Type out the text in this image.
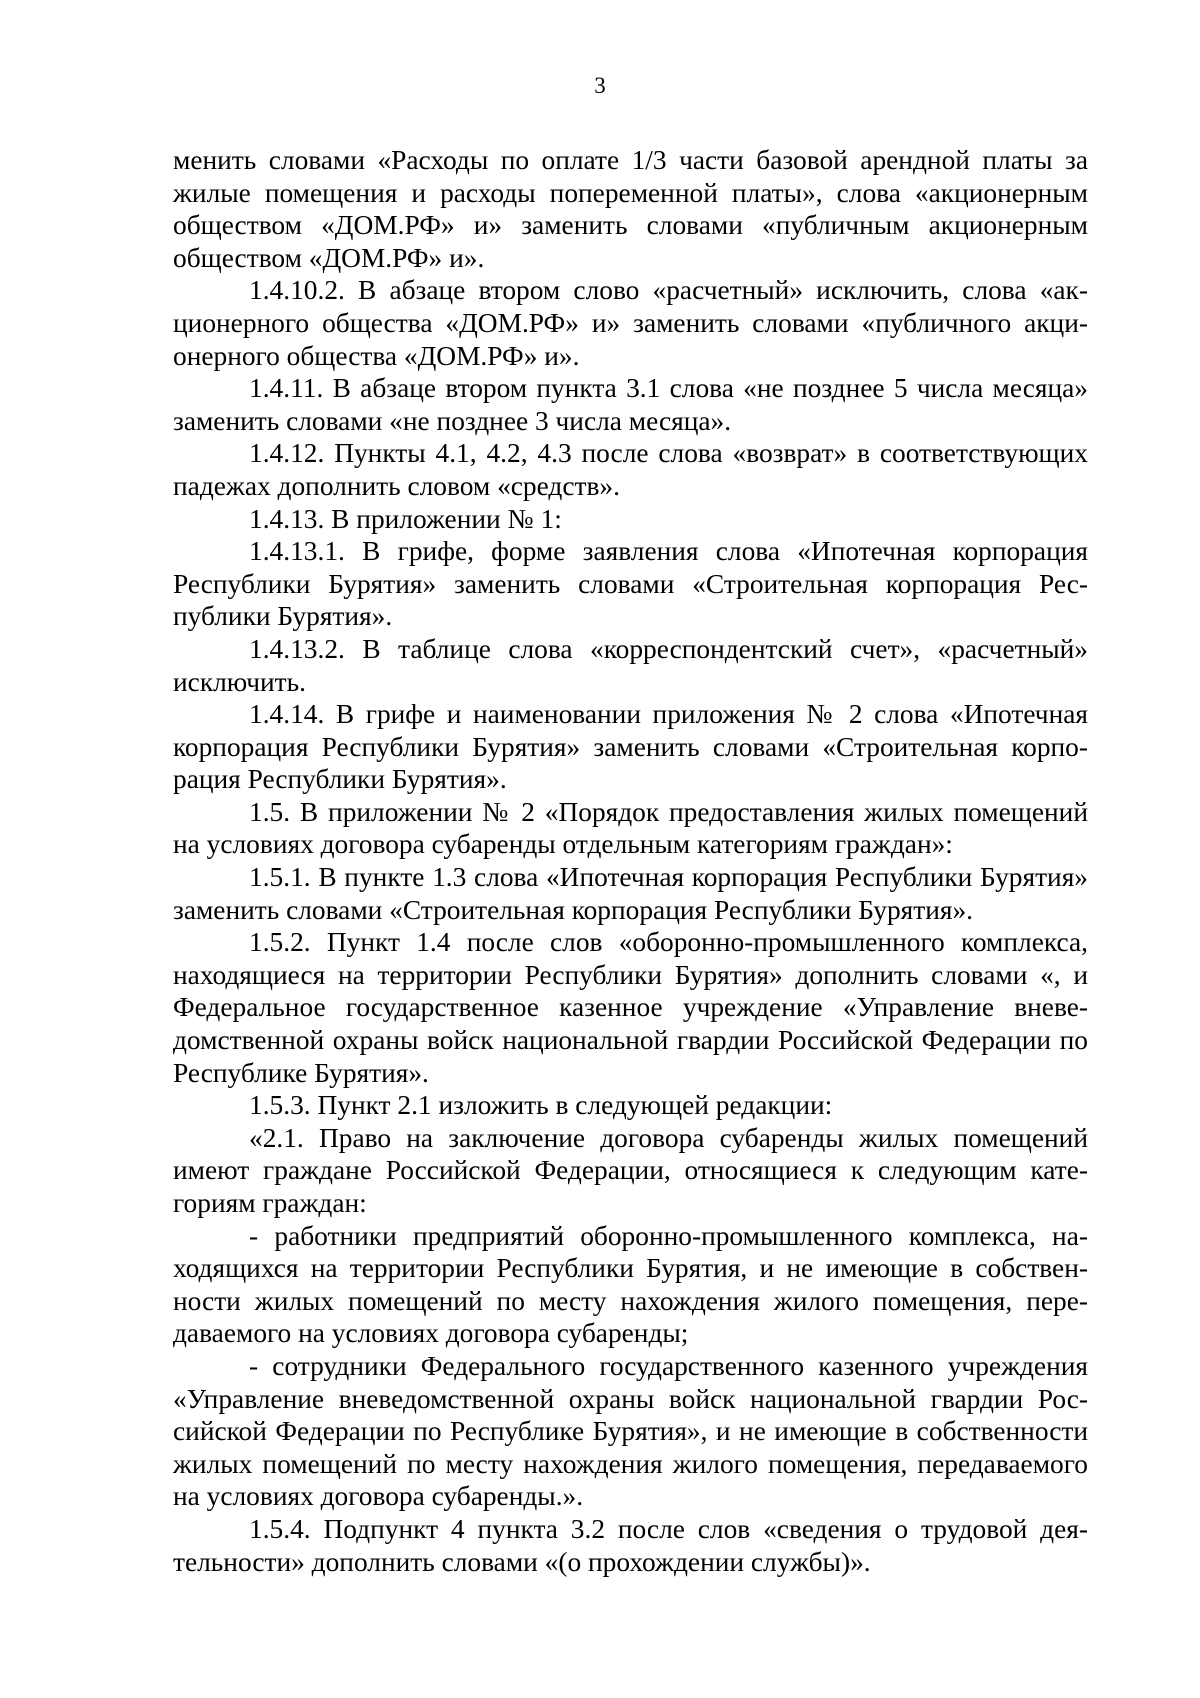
3

менить словами «Расходы по оплате 1/3 части базовой арендной платы за жилые помещения и расходы попеременной платы», слова «акционерным обществом «ДОМ.РФ» и» заменить словами «публичным акционерным обществом «ДОМ.РФ» и».

1.4.10.2. В абзаце втором слово «расчетный» исключить, слова «акционерного общества «ДОМ.РФ» и» заменить словами «публичного акционерного общества «ДОМ.РФ» и».

1.4.11. В абзаце втором пункта 3.1 слова «не позднее 5 числа месяца» заменить словами «не позднее 3 числа месяца».

1.4.12. Пункты 4.1, 4.2, 4.3 после слова «возврат» в соответствующих падежах дополнить словом «средств».

1.4.13. В приложении № 1:

1.4.13.1. В грифе, форме заявления слова «Ипотечная корпорация Республики Бурятия» заменить словами «Строительная корпорация Республики Бурятия».

1.4.13.2. В таблице слова «корреспондентский счет», «расчетный» исключить.

1.4.14. В грифе и наименовании приложения № 2 слова «Ипотечная корпорация Республики Бурятия» заменить словами «Строительная корпорация Республики Бурятия».

1.5. В приложении № 2 «Порядок предоставления жилых помещений на условиях договора субаренды отдельным категориям граждан»:

1.5.1. В пункте 1.3 слова «Ипотечная корпорация Республики Бурятия» заменить словами «Строительная корпорация Республики Бурятия».

1.5.2. Пункт 1.4 после слов «оборонно-промышленного комплекса, находящиеся на территории Республики Бурятия» дополнить словами «, и Федеральное государственное казенное учреждение «Управление вневедомственной охраны войск национальной гвардии Российской Федерации по Республике Бурятия».

1.5.3. Пункт 2.1 изложить в следующей редакции:

«2.1. Право на заключение договора субаренды жилых помещений имеют граждане Российской Федерации, относящиеся к следующим категориям граждан:

- работники предприятий оборонно-промышленного комплекса, находящихся на территории Республики Бурятия, и не имеющие в собственности жилых помещений по месту нахождения жилого помещения, передаваемого на условиях договора субаренды;

- сотрудники Федерального государственного казенного учреждения «Управление вневедомственной охраны войск национальной гвардии Российской Федерации по Республике Бурятия», и не имеющие в собственности жилых помещений по месту нахождения жилого помещения, передаваемого на условиях договора субаренды.».

1.5.4. Подпункт 4 пункта 3.2 после слов «сведения о трудовой деятельности» дополнить словами «(о прохождении службы)».
